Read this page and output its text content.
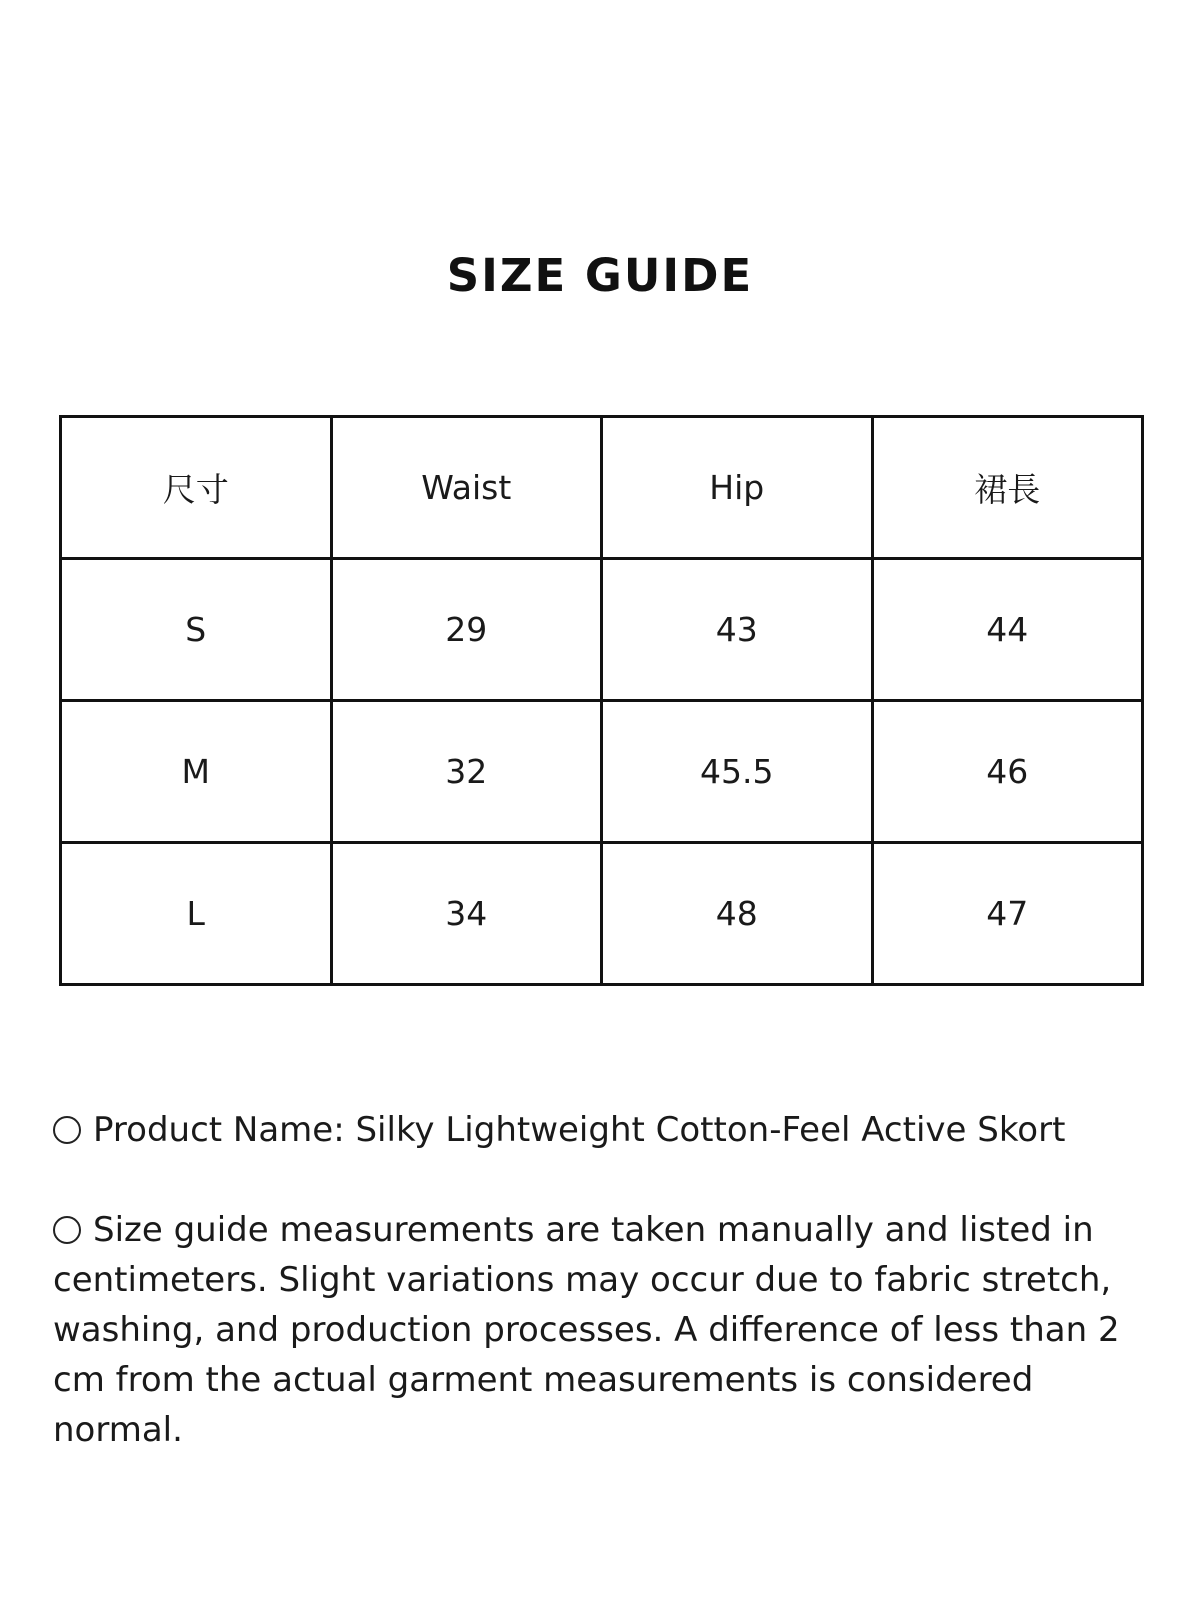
SIZE GUIDE
尺寸	Waist	Hip	裙長
S	29	43	44
M	32	45.5	46
L	34	48	47

Product Name: Silky Lightweight Cotton-Feel Active Skort

Size guide measurements are taken manually and listed in centimeters. Slight variations may occur due to fabric stretch, washing, and production processes. A difference of less than 2 cm from the actual garment measurements is considered normal.
